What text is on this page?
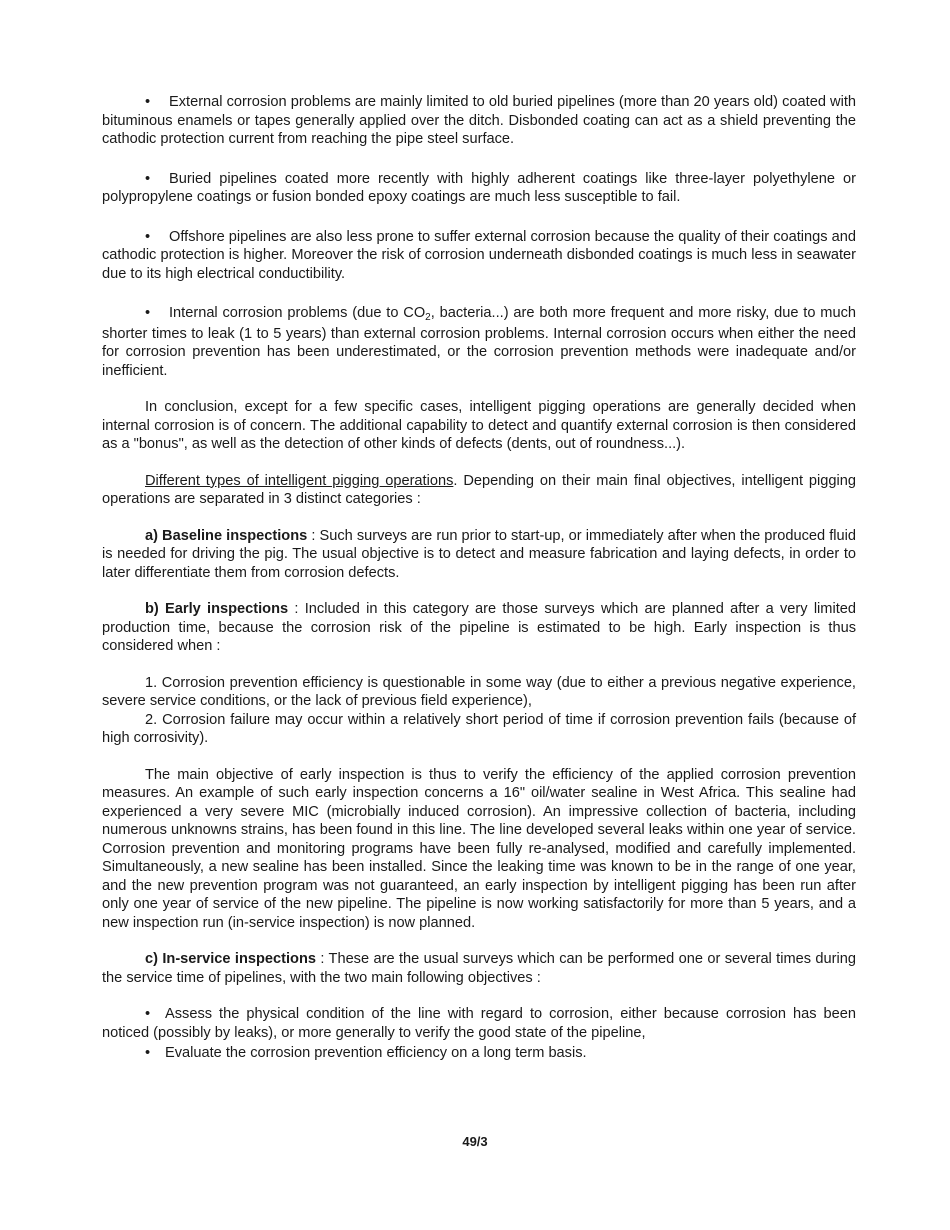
• External corrosion problems are mainly limited to old buried pipelines (more than 20 years old) coated with bituminous enamels or tapes generally applied over the ditch. Disbonded coating can act as a shield preventing the cathodic protection current from reaching the pipe steel surface.

• Buried pipelines coated more recently with highly adherent coatings like three-layer polyethylene or polypropylene coatings or fusion bonded epoxy coatings are much less susceptible to fail.

• Offshore pipelines are also less prone to suffer external corrosion because the quality of their coatings and cathodic protection is higher. Moreover the risk of corrosion underneath disbonded coatings is much less in seawater due to its high electrical conductibility.

• Internal corrosion problems (due to $CO_2$, bacteria...) are both more frequent and more risky, due to much shorter times to leak (1 to 5 years) than external corrosion problems. Internal corrosion occurs when either the need for corrosion prevention has been underestimated, or the corrosion prevention methods were inadequate and/or inefficient.

In conclusion, except for a few specific cases, intelligent pigging operations are generally decided when internal corrosion is of concern. The additional capability to detect and quantify external corrosion is then considered as a "bonus", as well as the detection of other kinds of defects (dents, out of roundness...).

Different types of intelligent pigging operations. Depending on their main final objectives, intelligent pigging operations are separated in 3 distinct categories :

a) Baseline inspections : Such surveys are run prior to start-up, or immediately after when the produced fluid is needed for driving the pig. The usual objective is to detect and measure fabrication and laying defects, in order to later differentiate them from corrosion defects.

b) Early inspections : Included in this category are those surveys which are planned after a very limited production time, because the corrosion risk of the pipeline is estimated to be high. Early inspection is thus considered when :

1. Corrosion prevention efficiency is questionable in some way (due to either a previous negative experience, severe service conditions, or the lack of previous field experience),

2. Corrosion failure may occur within a relatively short period of time if corrosion prevention fails (because of high corrosivity).

The main objective of early inspection is thus to verify the efficiency of the applied corrosion prevention measures. An example of such early inspection concerns a 16" oil/water sealine in West Africa. This sealine had experienced a very severe MIC (microbially induced corrosion). An impressive collection of bacteria, including numerous unknowns strains, has been found in this line. The line developed several leaks within one year of service. Corrosion prevention and monitoring programs have been fully re-analysed, modified and carefully implemented. Simultaneously, a new sealine has been installed. Since the leaking time was known to be in the range of one year, and the new prevention program was not guaranteed, an early inspection by intelligent pigging has been run after only one year of service of the new pipeline. The pipeline is now working satisfactorily for more than 5 years, and a new inspection run (in-service inspection) is now planned.

c) In-service inspections : These are the usual surveys which can be performed one or several times during the service time of pipelines, with the two main following objectives :

• Assess the physical condition of the line with regard to corrosion, either because corrosion has been noticed (possibly by leaks), or more generally to verify the good state of the pipeline,

• Evaluate the corrosion prevention efficiency on a long term basis.

49/3
